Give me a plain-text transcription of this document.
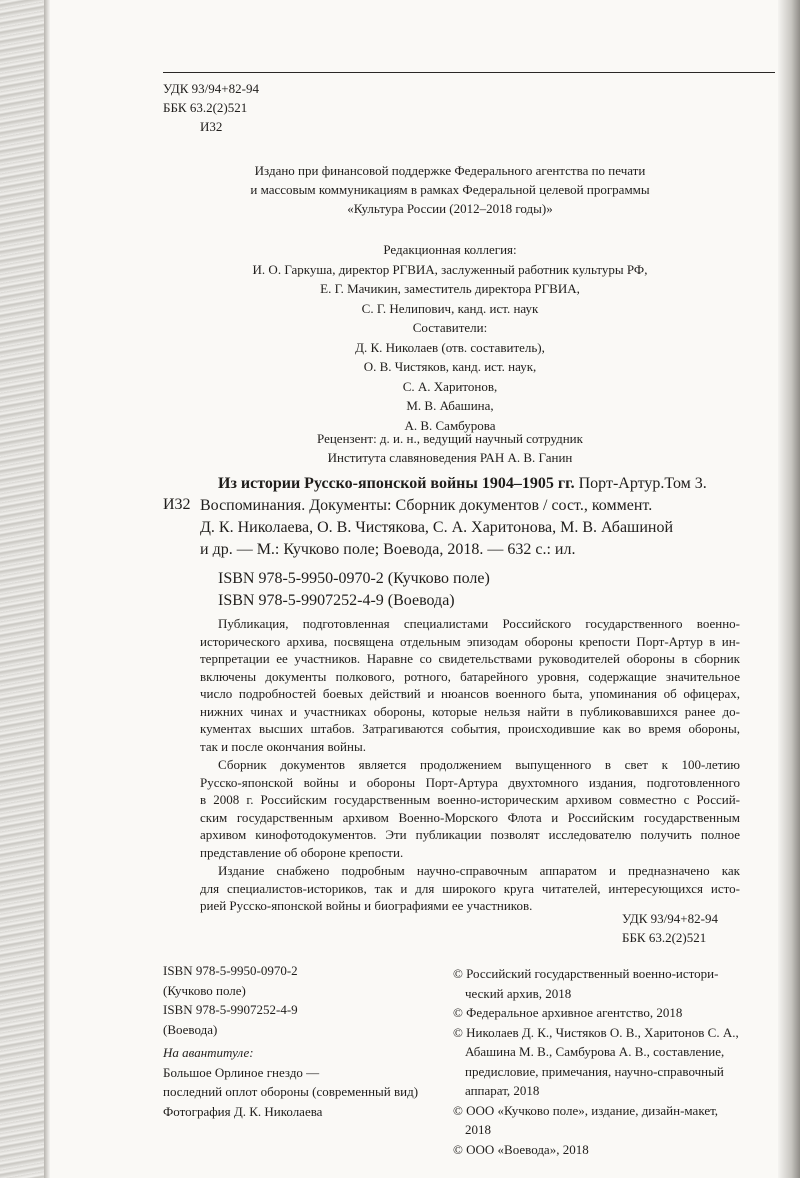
УДК 93/94+82-94
ББК 63.2(2)521
И32
Издано при финансовой поддержке Федерального агентства по печати
и массовым коммуникациям в рамках Федеральной целевой программы
«Культура России (2012–2018 годы)»
Редакционная коллегия:
И. О. Гаркуша, директор РГВИА, заслуженный работник культуры РФ,
Е. Г. Мачикин, заместитель директора РГВИА,
С. Г. Нелипович, канд. ист. наук
Составители:
Д. К. Николаев (отв. составитель),
О. В. Чистяков, канд. ист. наук,
С. А. Харитонов,
М. В. Абашина,
А. В. Самбурова
Рецензент: д. и. н., ведущий научный сотрудник
Института славяноведения РАН А. В. Ганин
И32
Из истории Русско-японской войны 1904–1905 гг. Порт-Артур.Том 3.
Воспоминания. Документы: Сборник документов / сост., коммент.
Д. К. Николаева, О. В. Чистякова, С. А. Харитонова, М. В. Абашиной
и др. — М.: Кучково поле; Воевода, 2018. — 632 с.: ил.
ISBN 978-5-9950-0970-2 (Кучково поле)
ISBN 978-5-9907252-4-9 (Воевода)
Публикация, подготовленная специалистами Российского государственного военно-
исторического архива, посвящена отдельным эпизодам обороны крепости Порт-Артур в ин-
терпретации ее участников. Наравне со свидетельствами руководителей обороны в сборник
включены документы полкового, ротного, батарейного уровня, содержащие значительное
число подробностей боевых действий и нюансов военного быта, упоминания об офицерах,
нижних чинах и участниках обороны, которые нельзя найти в публиковавшихся ранее до-
кументах высших штабов. Затрагиваются события, происходившие как во время обороны,
так и после окончания войны.
Сборник документов является продолжением выпущенного в свет к 100-летию
Русско-японской войны и обороны Порт-Артура двухтомного издания, подготовленного
в 2008 г. Российским государственным военно-историческим архивом совместно с Россий-
ским государственным архивом Военно-Морского Флота и Российским государственным
архивом кинофотодокументов. Эти публикации позволят исследователю получить полное
представление об обороне крепости.
Издание снабжено подробным научно-справочным аппаратом и предназначено как
для специалистов-историков, так и для широкого круга читателей, интересующихся исто-
рией Русско-японской войны и биографиями ее участников.
УДК 93/94+82-94
ББК 63.2(2)521
ISBN 978-5-9950-0970-2
(Кучково поле)
ISBN 978-5-9907252-4-9
(Воевода)
На авантитуле:
Большое Орлиное гнездо —
последний оплот обороны (современный вид)
Фотография Д. К. Николаева
© Российский государственный военно-истори-
ческий архив, 2018
© Федеральное архивное агентство, 2018
© Николаев Д. К., Чистяков О. В., Харитонов С. А.,
Абашина М. В., Самбурова А. В., составление,
предисловие, примечания, научно-справочный
аппарат, 2018
© ООО «Кучково поле», издание, дизайн-макет,
2018
© ООО «Воевода», 2018
